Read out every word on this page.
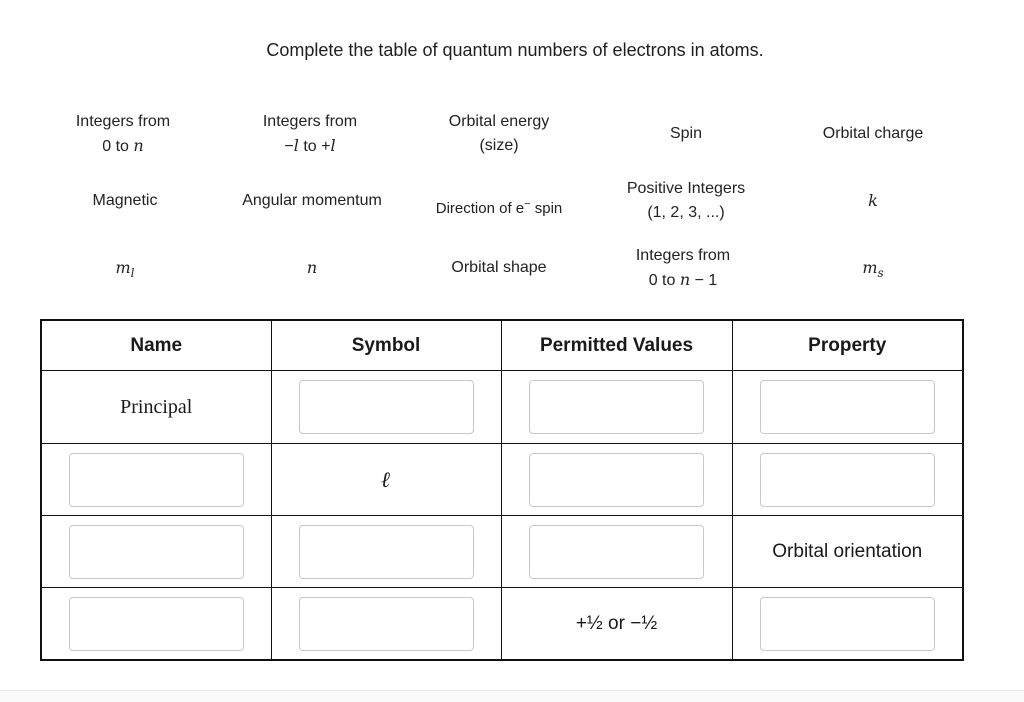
Complete the table of quantum numbers of electrons in atoms.
Integers from
0 to n
Integers from
−l to +l
Orbital energy
(size)
Spin	Orbital charge
Magnetic	Angular momentum	Direction of e− spin
Positive Integers
(1, 2, 3, ...)
k
$m_l$	n	Orbital shape
Integers from
0 to n − 1
$m_s$
Name	Symbol	Permitted Values	Property
Principal			
	ℓ		
			Orbital orientation
		+½ or −½	
